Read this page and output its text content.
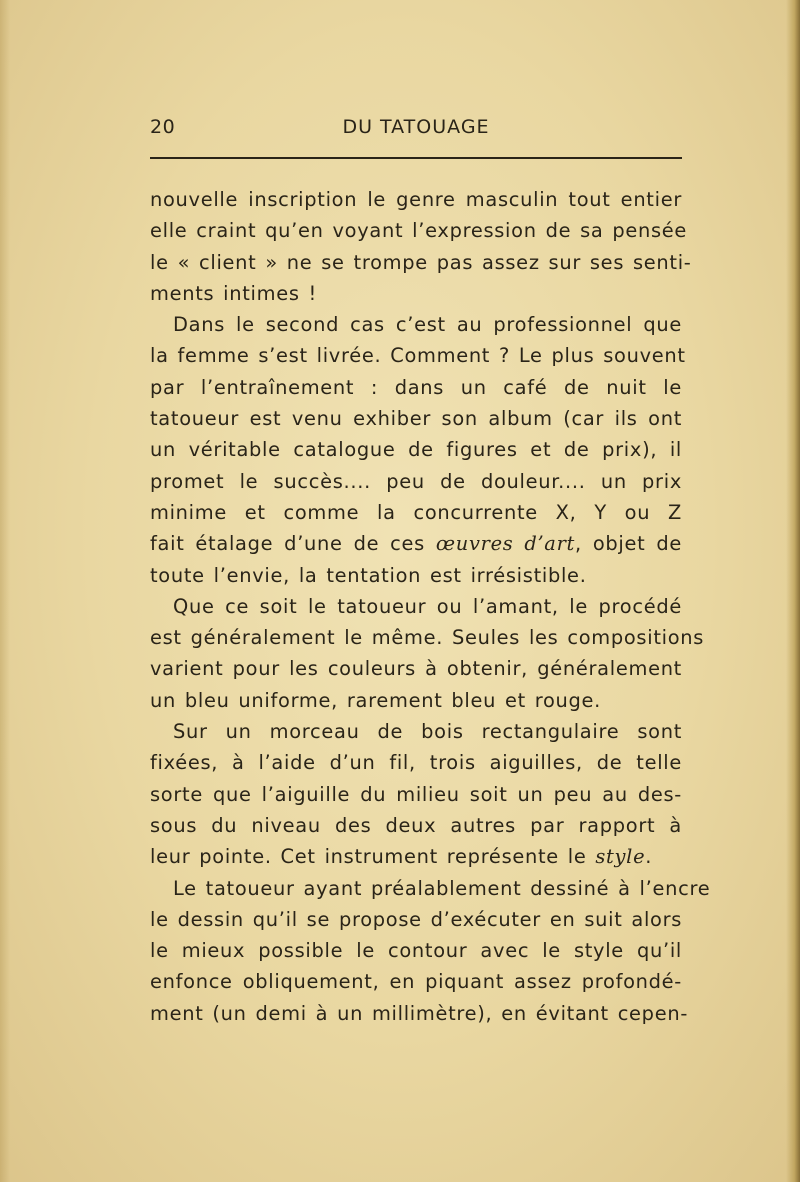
20	DU TATOUAGE
nouvelle inscription le genre masculin tout entier
elle craint qu’en voyant l’expression de sa pensée
le « client » ne se trompe pas assez sur ses senti-
ments intimes !
Dans le second cas c’est au professionnel que
la femme s’est livrée. Comment ? Le plus souvent
par l’entraînement : dans un café de nuit le
tatoueur est venu exhiber son album (car ils ont
un véritable catalogue de figures et de prix), il
promet le succès.... peu de douleur.... un prix
minime et comme la concurrente X, Y ou Z
fait étalage d’une de ces œuvres d’art, objet de
toute l’envie, la tentation est irrésistible.
Que ce soit le tatoueur ou l’amant, le procédé
est généralement le même. Seules les compositions
varient pour les couleurs à obtenir, généralement
un bleu uniforme, rarement bleu et rouge.
Sur un morceau de bois rectangulaire sont
fixées, à l’aide d’un fil, trois aiguilles, de telle
sorte que l’aiguille du milieu soit un peu au des-
sous du niveau des deux autres par rapport à
leur pointe. Cet instrument représente le style.
Le tatoueur ayant préalablement dessiné à l’encre
le dessin qu’il se propose d’exécuter en suit alors
le mieux possible le contour avec le style qu’il
enfonce obliquement, en piquant assez profondé-
ment (un demi à un millimètre), en évitant cepen-
